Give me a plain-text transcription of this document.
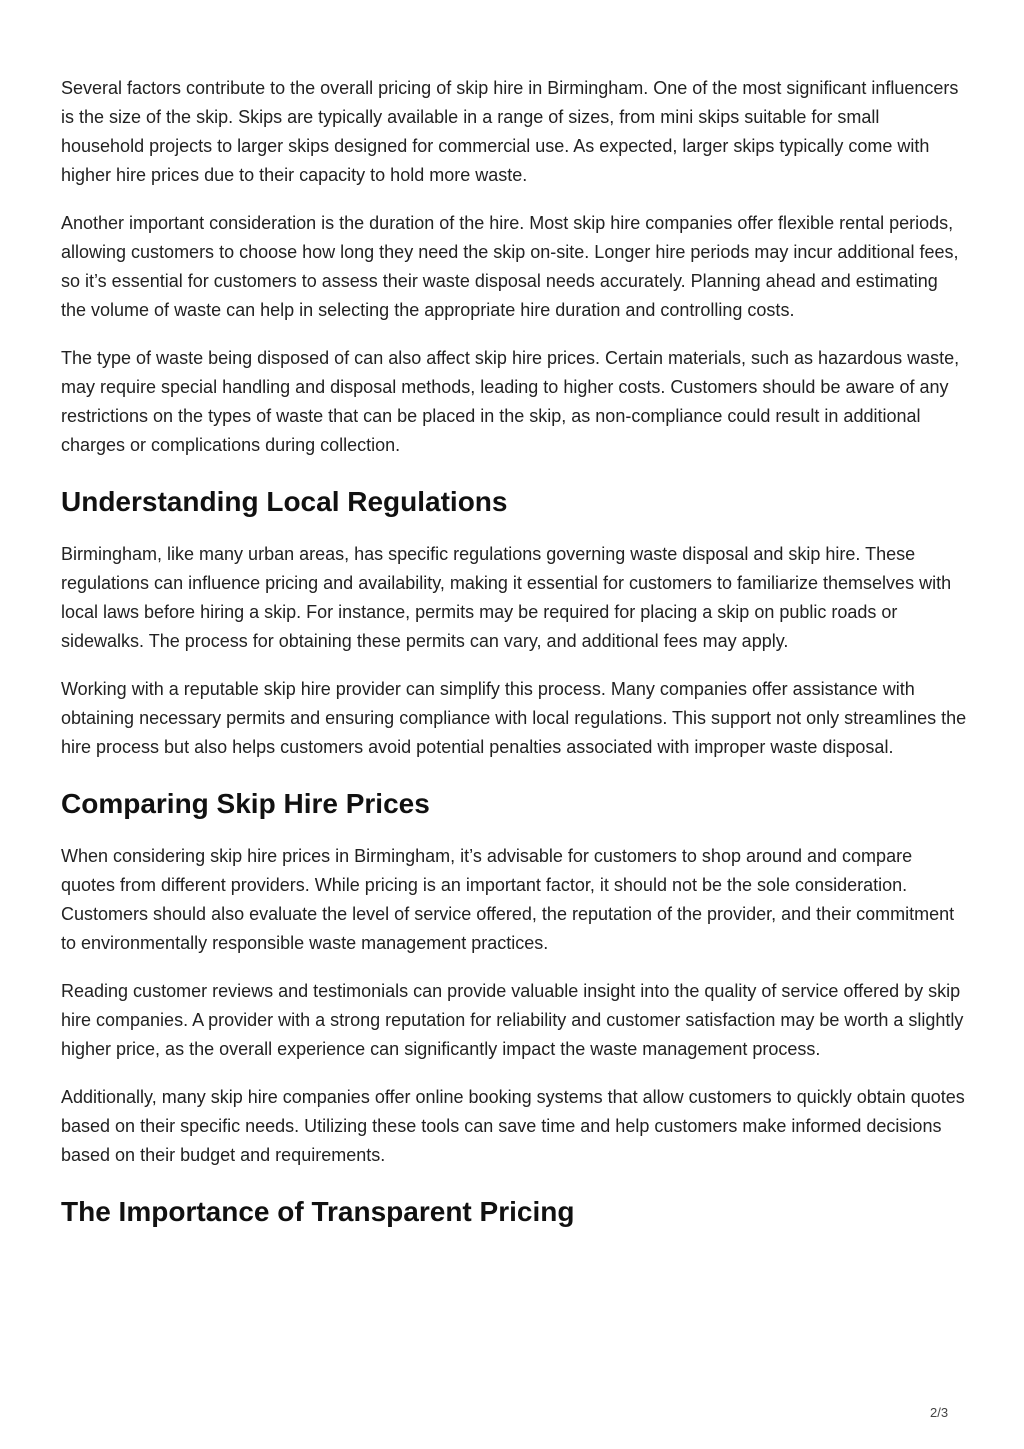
Several factors contribute to the overall pricing of skip hire in Birmingham. One of the most significant influencers is the size of the skip. Skips are typically available in a range of sizes, from mini skips suitable for small household projects to larger skips designed for commercial use. As expected, larger skips typically come with higher hire prices due to their capacity to hold more waste.

Another important consideration is the duration of the hire. Most skip hire companies offer flexible rental periods, allowing customers to choose how long they need the skip on-site. Longer hire periods may incur additional fees, so it’s essential for customers to assess their waste disposal needs accurately. Planning ahead and estimating the volume of waste can help in selecting the appropriate hire duration and controlling costs.

The type of waste being disposed of can also affect skip hire prices. Certain materials, such as hazardous waste, may require special handling and disposal methods, leading to higher costs. Customers should be aware of any restrictions on the types of waste that can be placed in the skip, as non-compliance could result in additional charges or complications during collection.

Understanding Local Regulations

Birmingham, like many urban areas, has specific regulations governing waste disposal and skip hire. These regulations can influence pricing and availability, making it essential for customers to familiarize themselves with local laws before hiring a skip. For instance, permits may be required for placing a skip on public roads or sidewalks. The process for obtaining these permits can vary, and additional fees may apply.

Working with a reputable skip hire provider can simplify this process. Many companies offer assistance with obtaining necessary permits and ensuring compliance with local regulations. This support not only streamlines the hire process but also helps customers avoid potential penalties associated with improper waste disposal.

Comparing Skip Hire Prices

When considering skip hire prices in Birmingham, it’s advisable for customers to shop around and compare quotes from different providers. While pricing is an important factor, it should not be the sole consideration. Customers should also evaluate the level of service offered, the reputation of the provider, and their commitment to environmentally responsible waste management practices.

Reading customer reviews and testimonials can provide valuable insight into the quality of service offered by skip hire companies. A provider with a strong reputation for reliability and customer satisfaction may be worth a slightly higher price, as the overall experience can significantly impact the waste management process.

Additionally, many skip hire companies offer online booking systems that allow customers to quickly obtain quotes based on their specific needs. Utilizing these tools can save time and help customers make informed decisions based on their budget and requirements.

The Importance of Transparent Pricing
2/3
